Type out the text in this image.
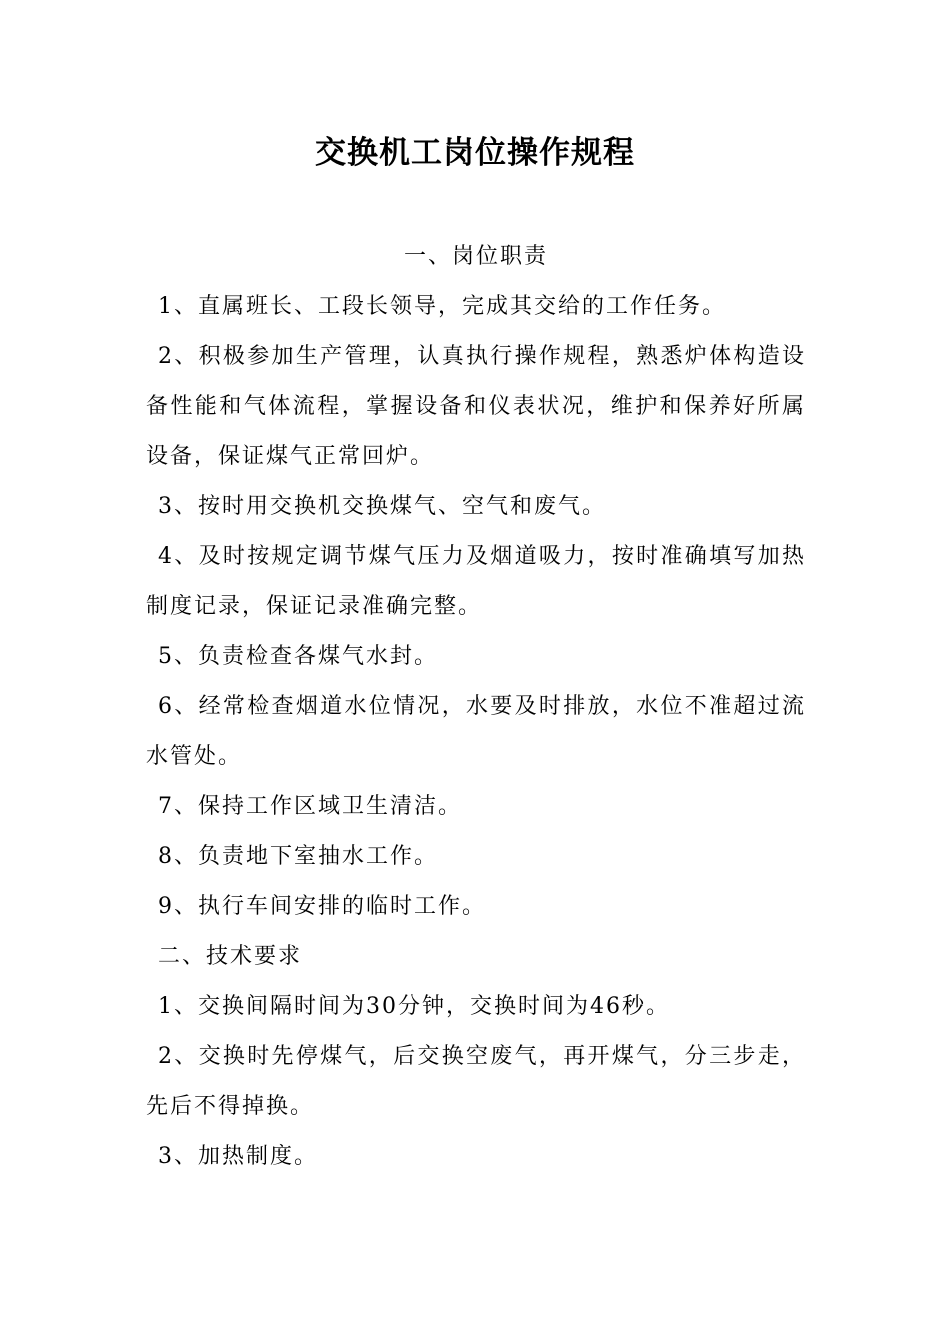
交换机工岗位操作规程

一、岗位职责

1、直属班长、工段长领导，完成其交给的工作任务。

2、积极参加生产管理，认真执行操作规程，熟悉炉体构造设备性能和气体流程，掌握设备和仪表状况，维护和保养好所属设备，保证煤气正常回炉。

3、按时用交换机交换煤气、空气和废气。

4、及时按规定调节煤气压力及烟道吸力，按时准确填写加热制度记录，保证记录准确完整。

5、负责检查各煤气水封。

6、经常检查烟道水位情况，水要及时排放，水位不准超过流水管处。

7、保持工作区域卫生清洁。

8、负责地下室抽水工作。

9、执行车间安排的临时工作。

二、技术要求

1、交换间隔时间为30分钟，交换时间为46秒。

2、交换时先停煤气，后交换空废气，再开煤气，分三步走，先后不得掉换。

3、加热制度。
